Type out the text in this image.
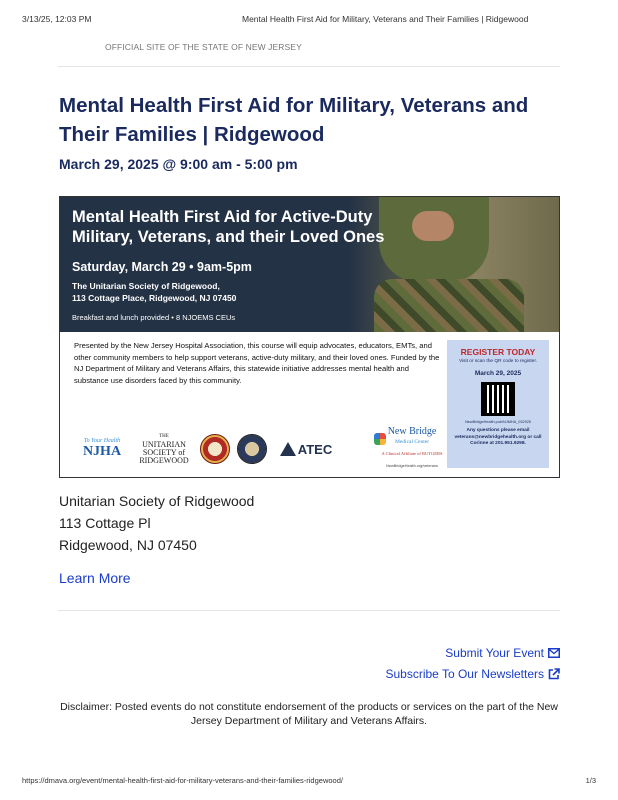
3/13/25, 12:03 PM	Mental Health First Aid for Military, Veterans and Their Families | Ridgewood
OFFICIAL SITE OF THE STATE OF NEW JERSEY
Mental Health First Aid for Military, Veterans and Their Families | Ridgewood
March 29, 2025 @ 9:00 am - 5:00 pm
Mental Health First Aid for Active-Duty Military, Veterans, and their Loved Ones
Saturday, March 29 • 9am-5pm
The Unitarian Society of Ridgewood,
113 Cottage Place, Ridgewood, NJ 07450
Breakfast and lunch provided • 8 NJOEMS CEUs
Presented by the New Jersey Hospital Association, this course will equip advocates, educators, EMTs, and other community members to help support veterans, active-duty military, and their loved ones. Funded by the NJ Department of Military and Veterans Affairs, this statewide initiative addresses mental health and substance use disorders faced by this community.
To Your Health
NJHA
THE
UNITARIAN
SOCIETY of
RIDGEWOOD
ATEC
New Bridge
Medical Center
A Clinical Affiliate of RUTGERS
NewBridgeHealth.org/veterans
REGISTER TODAY
Visit or scan the QR code to register.
March 29, 2025
NewBridgeHealth.pub/NJMHA_032925
Any questions please email veterans@newbridgehealth.org or call Corinne at 201.951.9298.
Unitarian Society of Ridgewood
113 Cottage Pl
Ridgewood, NJ 07450
Learn More
Submit Your Event
Subscribe To Our Newsletters
Disclaimer: Posted events do not constitute endorsement of the products or services on the part of the New Jersey Department of Military and Veterans Affairs.
https://dmava.org/event/mental-health-first-aid-for-military-veterans-and-their-families-ridgewood/	1/3
